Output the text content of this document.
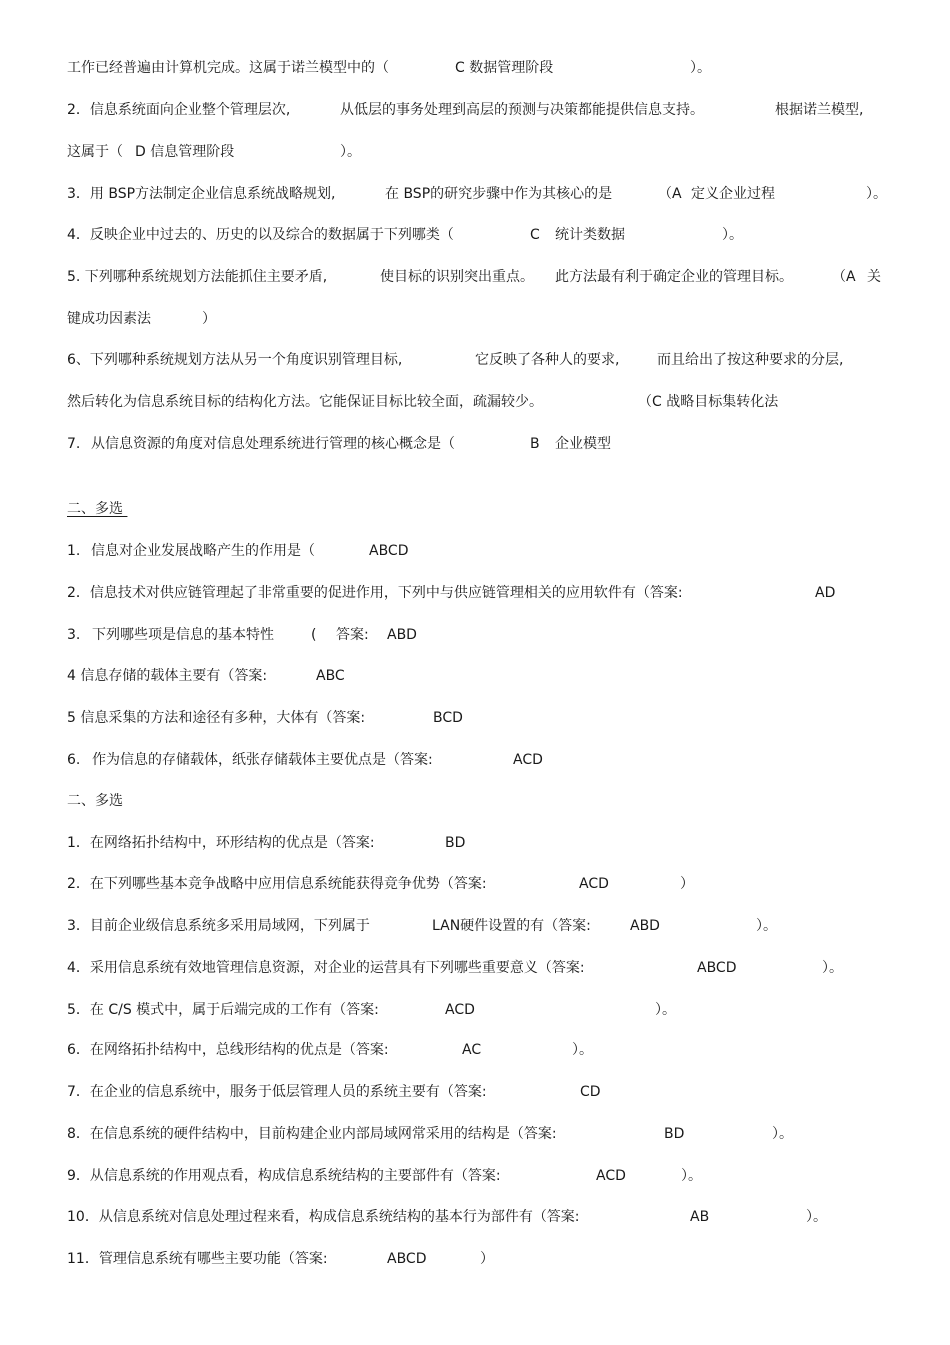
工作已经普遍由计算机完成。这属于诺兰模型中的（	C 数据管理阶段	）。
2．信息系统面向企业整个管理层次,	从低层的事务处理到高层的预测与决策都能提供信息支持。	根据诺兰模型,
这属于（ D 信息管理阶段	）。
3．用 BSP方法制定企业信息系统战略规划,	在 BSP的研究步骤中作为其核心的是	（A 定义企业过程	）。
4．反映企业中过去的、历史的以及综合的数据属于下列哪类（	C 统计类数据	）。
5. 下列哪种系统规划方法能抓住主要矛盾,	使目标的识别突出重点。 此方法最有利于确定企业的管理目标。	（A 关
键成功因素法	）
6、下列哪种系统规划方法从另一个角度识别管理目标,	它反映了各种人的要求,	而且给出了按这种要求的分层,
然后转化为信息系统目标的结构化方法。它能保证目标比较全面，疏漏较少。	（C 战略目标集转化法
7. 从信息资源的角度对信息处理系统进行管理的核心概念是（	B 企业模型
二、多选
1. 信息对企业发展战略产生的作用是（	ABCD
2．信息技术对供应链管理起了非常重要的促进作用，下列中与供应链管理相关的应用软件有（答案:	AD
3. 下列哪些项是信息的基本特性	( 答案: ABD
4 信息存储的载体主要有（答案:	ABC
5 信息采集的方法和途径有多种，大体有（答案:	BCD
6. 作为信息的存储载体，纸张存储载体主要优点是（答案:	ACD
二、多选
1．在网络拓扑结构中，环形结构的优点是（答案:	BD
2．在下列哪些基本竞争战略中应用信息系统能获得竞争优势（答案:	ACD	）
3．目前企业级信息系统多采用局域网，下列属于	LAN硬件设置的有（答案:	ABD	）。
4．采用信息系统有效地管理信息资源，对企业的运营具有下列哪些重要意义（答案:	ABCD	）。
5．在 C/S 模式中，属于后端完成的工作有（答案:	ACD	）。
6．在网络拓扑结构中，总线形结构的优点是（答案:	AC	）。
7．在企业的信息系统中，服务于低层管理人员的系统主要有（答案:	CD
8．在信息系统的硬件结构中，目前构建企业内部局域网常采用的结构是（答案:	BD	）。
9．从信息系统的作用观点看，构成信息系统结构的主要部件有（答案:	ACD	）。
10．从信息系统对信息处理过程来看，构成信息系统结构的基本行为部件有（答案:	AB	）。
11．管理信息系统有哪些主要功能（答案:	ABCD	）
